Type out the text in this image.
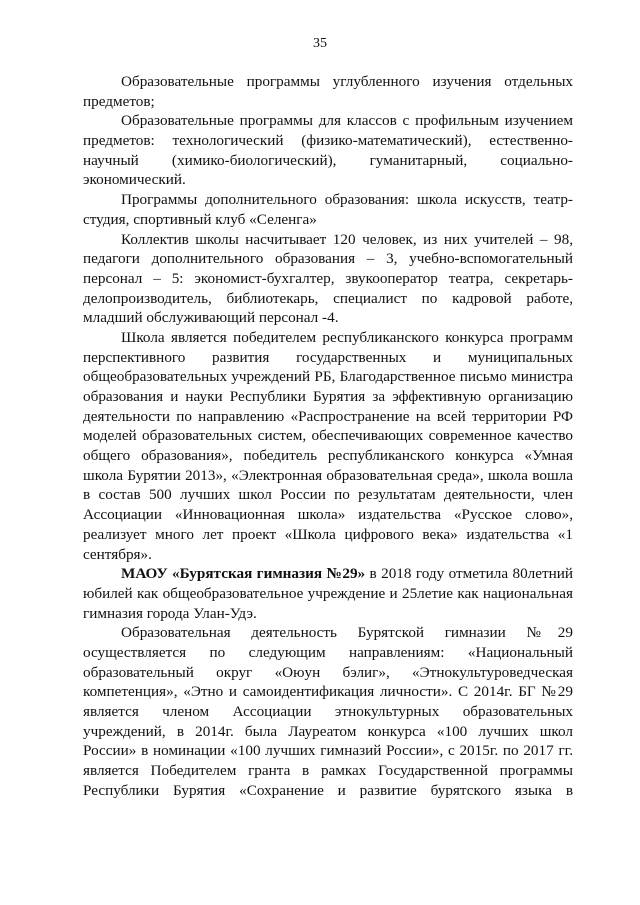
35
Образовательные программы углубленного изучения отдельных
предметов;
Образовательные программы для классов с профильным изучением
предметов: технологический (физико-математический), естественно-
научный (химико-биологический), гуманитарный, социально-
экономический.
Программы дополнительного образования: школа искусств, театр-
студия, спортивный клуб «Селенга»
Коллектив школы насчитывает 120 человек, из них учителей – 98,
педагоги дополнительного образования – 3, учебно-вспомогательный
персонал – 5: экономист-бухгалтер, звукооператор театра, секретарь-
делопроизводитель, библиотекарь, специалист по кадровой работе,
младший обслуживающий персонал -4.
Школа является победителем республиканского конкурса программ
перспективного развития государственных и муниципальных
общеобразовательных учреждений РБ, Благодарственное письмо министра
образования и науки Республики Бурятия за эффективную организацию
деятельности по направлению «Распространение на всей территории РФ
моделей образовательных систем, обеспечивающих современное качество
общего образования», победитель республиканского конкурса «Умная
школа Бурятии 2013», «Электронная образовательная среда», школа вошла
в состав 500 лучших школ России по результатам деятельности, член
Ассоциации «Инновационная школа» издательства «Русское слово»,
реализует много лет проект «Школа цифрового века» издательства «1
сентября».
МАОУ «Бурятская гимназия №29» в 2018 году отметила 80летний
юбилей как общеобразовательное учреждение и 25летие как национальная
гимназия города Улан-Удэ.
Образовательная деятельность Бурятской гимназии №29
осуществляется по следующим направлениям: «Национальный
образовательный округ «Оюун бэлиг», «Этнокультуроведческая
компетенция», «Этно и самоидентификация личности». С 2014г. БГ №29
является членом Ассоциации этнокультурных образовательных
учреждений, в 2014г. была Лауреатом конкурса «100 лучших школ
России» в номинации «100 лучших гимназий России», с 2015г. по 2017 гг.
является Победителем гранта в рамках Государственной программы
Республики Бурятия «Сохранение и развитие бурятского языка в
